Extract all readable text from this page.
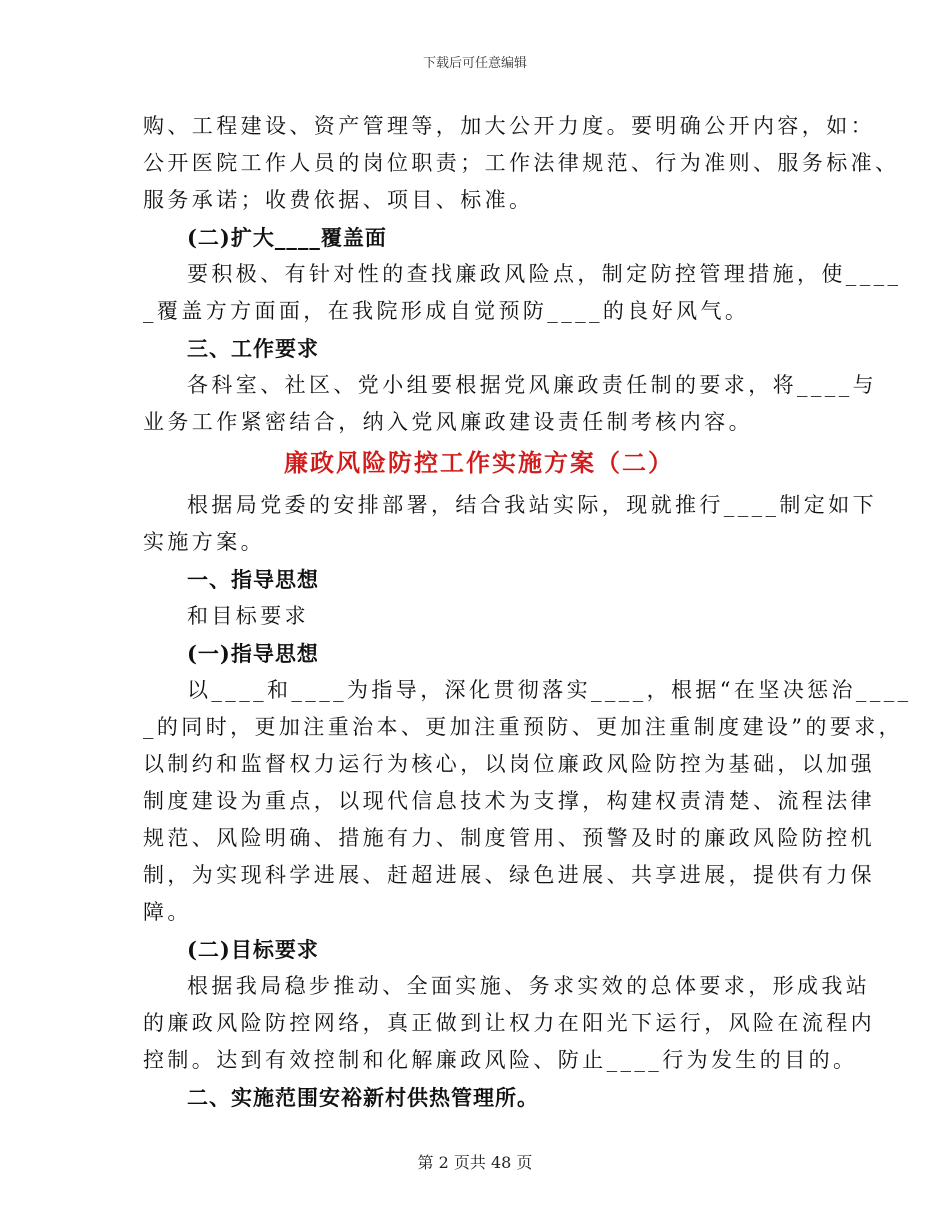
下载后可任意编辑

购、工程建设、资产管理等，加大公开力度。要明确公开内容，如：

公开医院工作人员的岗位职责；工作法律规范、行为准则、服务标准、

服务承诺；收费依据、项目、标准。

(二)扩大____覆盖面

要积极、有针对性的查找廉政风险点，制定防控管理措施，使____

_覆盖方方面面，在我院形成自觉预防____的良好风气。

三、工作要求

各科室、社区、党小组要根据党风廉政责任制的要求，将____与

业务工作紧密结合，纳入党风廉政建设责任制考核内容。

廉政风险防控工作实施方案（二）

根据局党委的安排部署，结合我站实际，现就推行____制定如下

实施方案。

一、指导思想

和目标要求

(一)指导思想

以____和____为指导，深化贯彻落实____，根据“在坚决惩治____

_的同时，更加注重治本、更加注重预防、更加注重制度建设”的要求，

以制约和监督权力运行为核心，以岗位廉政风险防控为基础，以加强

制度建设为重点，以现代信息技术为支撑，构建权责清楚、流程法律

规范、风险明确、措施有力、制度管用、预警及时的廉政风险防控机

制，为实现科学进展、赶超进展、绿色进展、共享进展，提供有力保

障。

(二)目标要求

根据我局稳步推动、全面实施、务求实效的总体要求，形成我站

的廉政风险防控网络，真正做到让权力在阳光下运行，风险在流程内

控制。达到有效控制和化解廉政风险、防止____行为发生的目的。

二、实施范围安裕新村供热管理所。

第 2 页共 48 页
